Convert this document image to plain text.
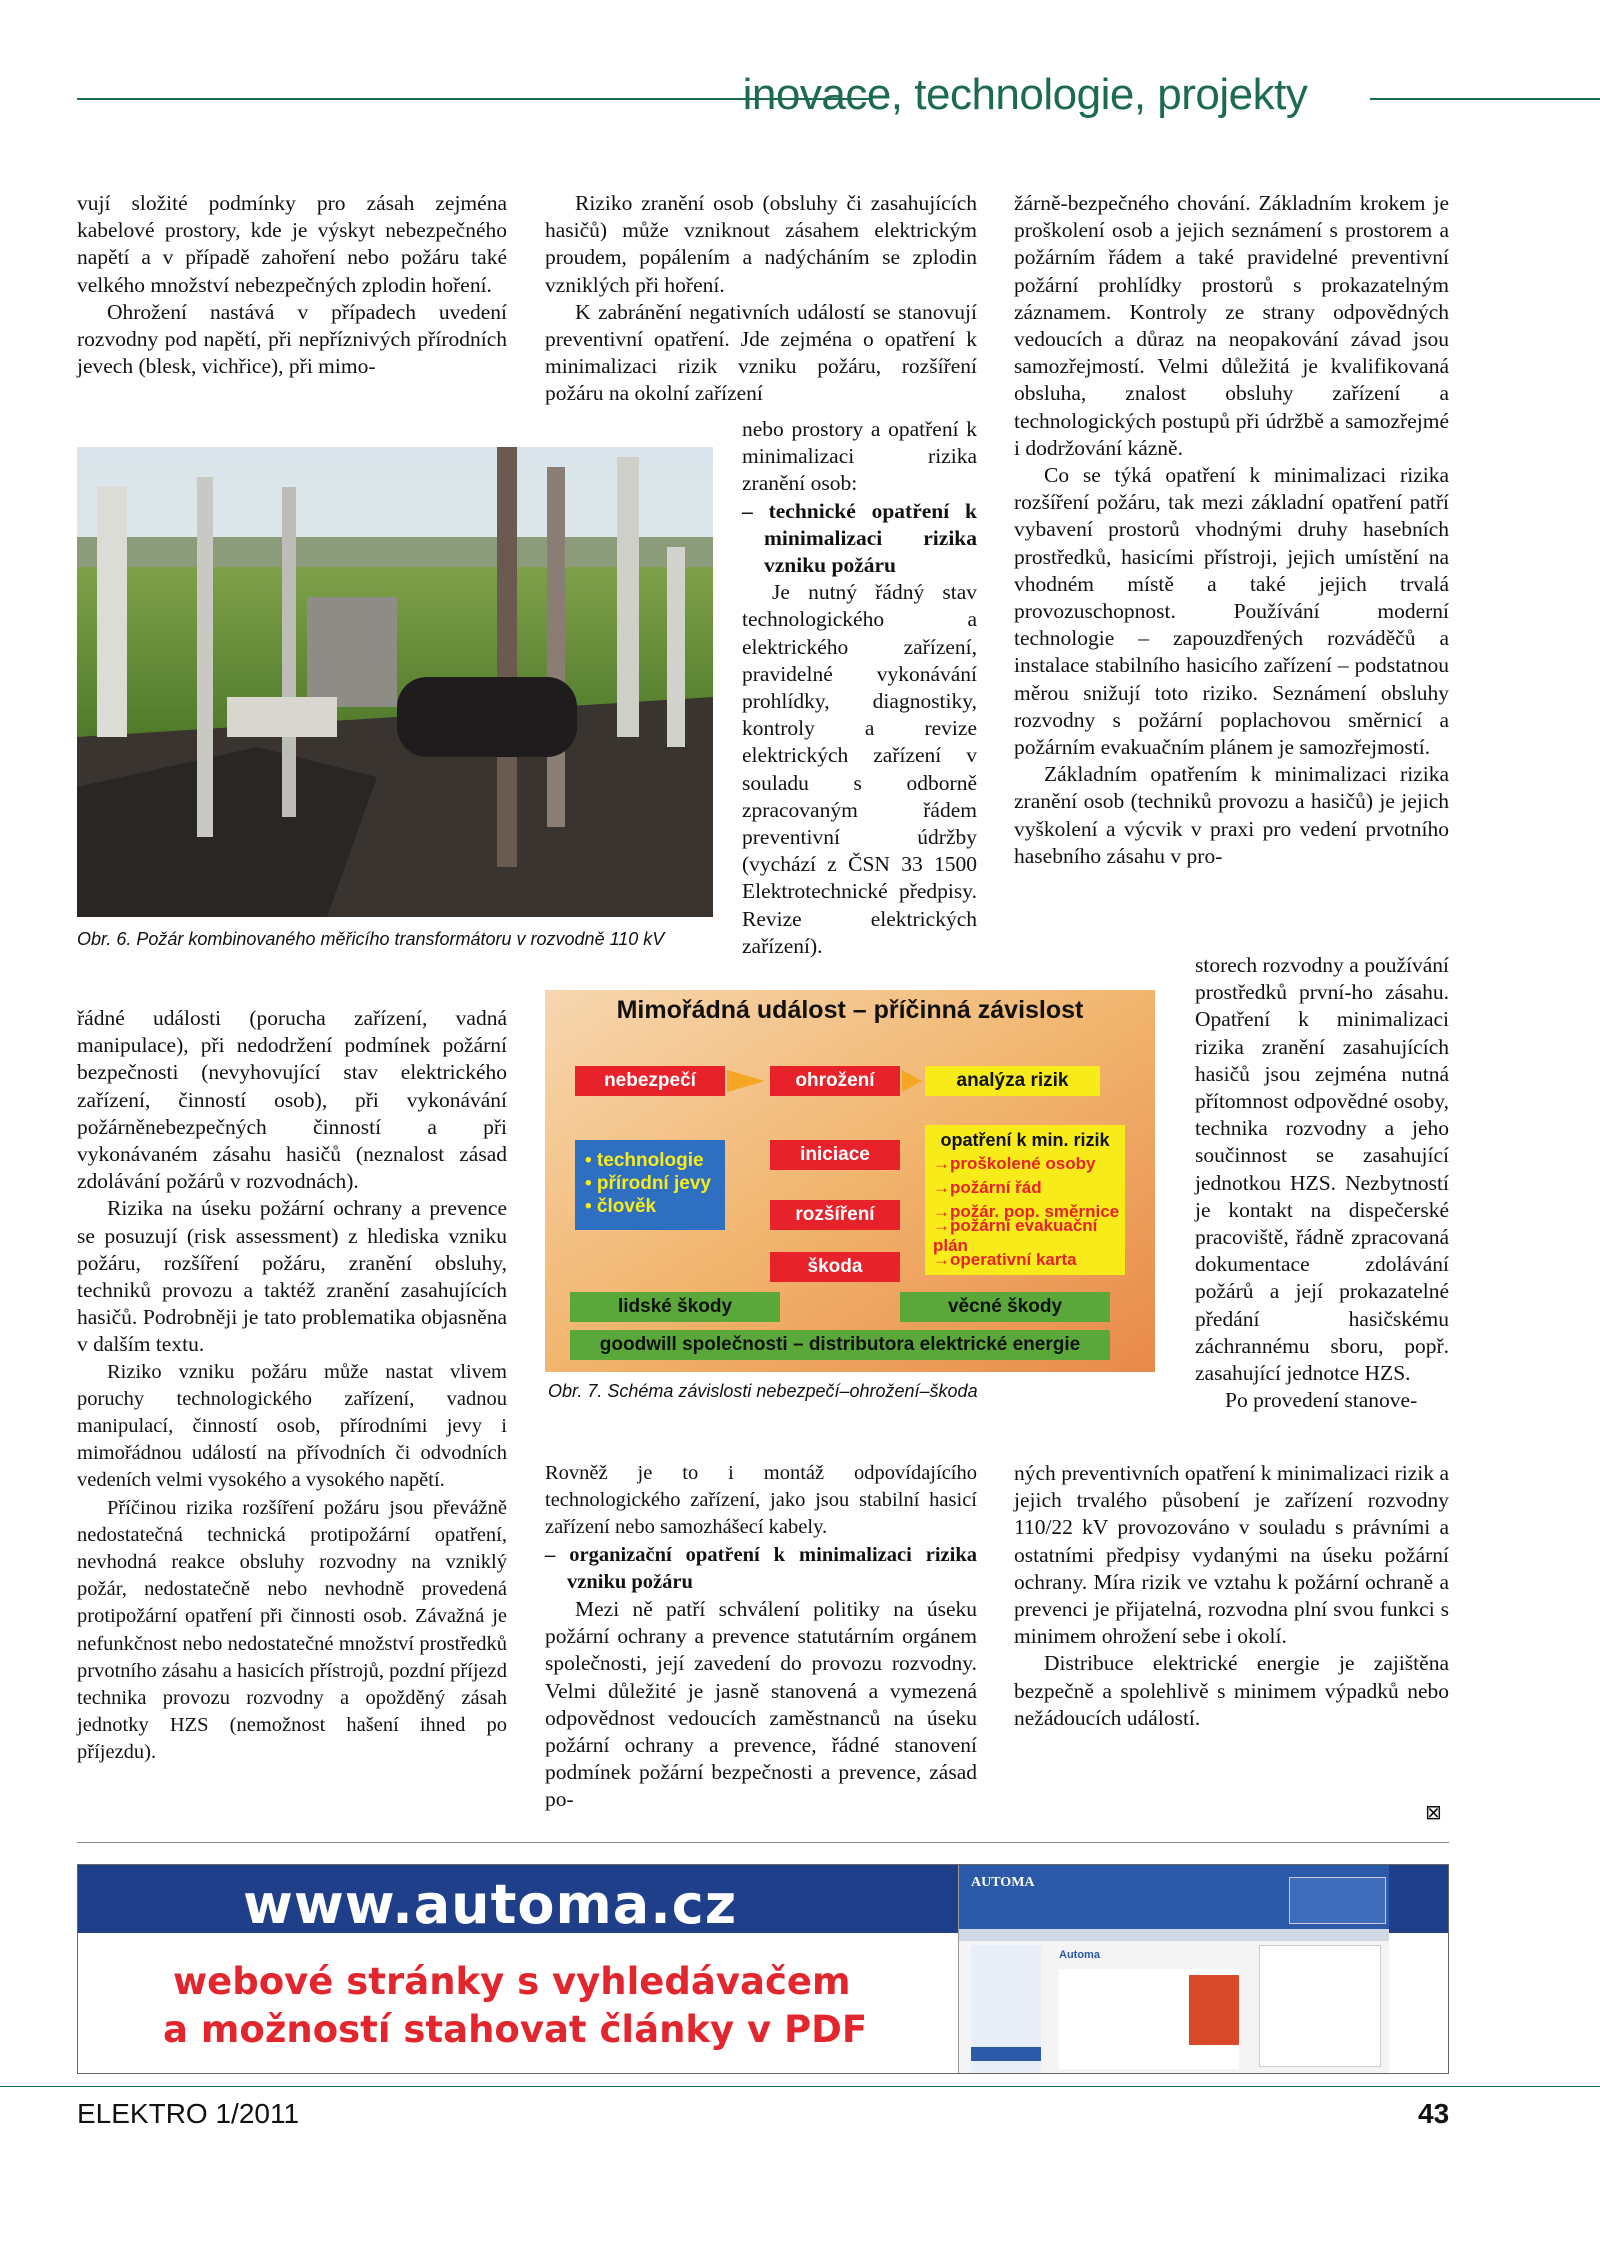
inovace, technologie, projekty

vují složité podmínky pro zásah zejména kabelové prostory, kde je výskyt nebezpečného napětí a v případě zahoření nebo požáru také velkého množství nebezpečných zplodin hoření.

Ohrožení nastává v případech uvedení rozvodny pod napětí, při nepříznivých přírodních jevech (blesk, vichřice), při mimo-

Obr. 6. Požár kombinovaného měřicího transformátoru v rozvodně 110 kV

řádné události (porucha zařízení, vadná manipulace), při nedodržení podmínek požární bezpečnosti (nevyhovující stav elektrického zařízení, činností osob), při vykonávání požárněnebezpečných činností a při vykonávaném zásahu hasičů (neznalost zásad zdolávání požárů v rozvodnách).

Rizika na úseku požární ochrany a prevence se posuzují (risk assessment) z hlediska vzniku požáru, rozšíření požáru, zranění obsluhy, techniků provozu a taktéž zranění zasahujících hasičů. Podrobněji je tato problematika objasněna v dalším textu.

Riziko vzniku požáru může nastat vlivem poruchy technologického zařízení, vadnou manipulací, činností osob, přírodními jevy i mimořádnou událostí na přívodních či odvodních vedeních velmi vysokého a vysokého napětí.

Příčinou rizika rozšíření požáru jsou převážně nedostatečná technická protipožární opatření, nevhodná reakce obsluhy rozvodny na vzniklý požár, nedostatečně nebo nevhodně provedená protipožární opatření při činnosti osob. Závažná je nefunkčnost nebo nedostatečné množství prostředků prvotního zásahu a hasicích přístrojů, pozdní příjezd technika provozu rozvodny a opožděný zásah jednotky HZS (nemožnost hašení ihned po příjezdu).

Riziko zranění osob (obsluhy či zasahujících hasičů) může vzniknout zásahem elektrickým proudem, popálením a nadýcháním se zplodin vzniklých při hoření.

K zabránění negativních událostí se stanovují preventivní opatření. Jde zejména o opatření k minimalizaci rizik vzniku požáru, rozšíření požáru na okolní zařízení

nebo prostory a opatření k minimalizaci rizika zranění osob:

– technické opatření k minimalizaci rizika vzniku požáru

Je nutný řádný stav technologického a elektrického zařízení, pravidelné vykonávání prohlídky, diagnostiky, kontroly a revize elektrických zařízení v souladu s odborně zpracovaným řádem preventivní údržby (vychází z ČSN 33 1500 Elektrotechnické předpisy. Revize elektrických zařízení).

Mimořádná událost – příčinná závislost
nebezpečí	ohrožení	analýza rizik
• technologie
• přírodní jevy
• člověk
iniciace
rozšíření
škoda
opatření k min. rizik
→proškolené osoby
→požární řád
→požár. pop. směrnice
→požární evakuační plán
→operativní karta
lidské škody	věcné škody
goodwill společnosti – distributora elektrické energie
Obr. 7. Schéma závislosti nebezpečí–ohrožení–škoda

Rovněž je to i montáž odpovídajícího technologického zařízení, jako jsou stabilní hasicí zařízení nebo samozhášecí kabely.

– organizační opatření k minimalizaci rizika vzniku požáru

Mezi ně patří schválení politiky na úseku požární ochrany a prevence statutárním orgánem společnosti, její zavedení do provozu rozvodny. Velmi důležité je jasně stanovená a vymezená odpovědnost vedoucích zaměstnanců na úseku požární ochrany a prevence, řádné stanovení podmínek požární bezpečnosti a prevence, zásad po-

žárně-bezpečného chování. Základním krokem je proškolení osob a jejich seznámení s prostorem a požárním řádem a také pravidelné preventivní požární prohlídky prostorů s prokazatelným záznamem. Kontroly ze strany odpovědných vedoucích a důraz na neopakování závad jsou samozřejmostí. Velmi důležitá je kvalifikovaná obsluha, znalost obsluhy zařízení a technologických postupů při údržbě a samozřejmé i dodržování kázně.

Co se týká opatření k minimalizaci rizika rozšíření požáru, tak mezi základní opatření patří vybavení prostorů vhodnými druhy hasebních prostředků, hasicími přístroji, jejich umístění na vhodném místě a také jejich trvalá provozuschopnost. Používání moderní technologie – zapouzdřených rozváděčů a instalace stabilního hasicího zařízení – podstatnou měrou snižují toto riziko. Seznámení obsluhy rozvodny s požární poplachovou směrnicí a požárním evakuačním plánem je samozřejmostí.

Základním opatřením k minimalizaci rizika zranění osob (techniků provozu a hasičů) je jejich vyškolení a výcvik v praxi pro vedení prvotního hasebního zásahu v pro-

storech rozvodny a používání prostředků první-ho zásahu. Opatření k minimalizaci rizika zranění zasahujících hasičů jsou zejména nutná přítomnost odpovědné osoby, technika rozvodny a jeho součinnost se zasahující jednotkou HZS. Nezbytností je kontakt na dispečerské pracoviště, řádně zpracovaná dokumentace zdolávání požárů a její prokazatelné předání hasičskému záchrannému sboru, popř. zasahující jednotce HZS.

Po provedení stanove-

ných preventivních opatření k minimalizaci rizik a jejich trvalého působení je zařízení rozvodny 110/22 kV provozováno v souladu s právními a ostatními předpisy vydanými na úseku požární ochrany. Míra rizik ve vztahu k požární ochraně a prevenci je přijatelná, rozvodna plní svou funkci s minimem ohrožení sebe i okolí.

Distribuce elektrické energie je zajištěna bezpečně a spolehlivě s minimem výpadků nebo nežádoucích událostí.

⊠
www.automa.cz
webové stránky s vyhledávačem
a možností stahovat články v PDF
AUTOMA
Automa
ELEKTRO 1/2011	43
